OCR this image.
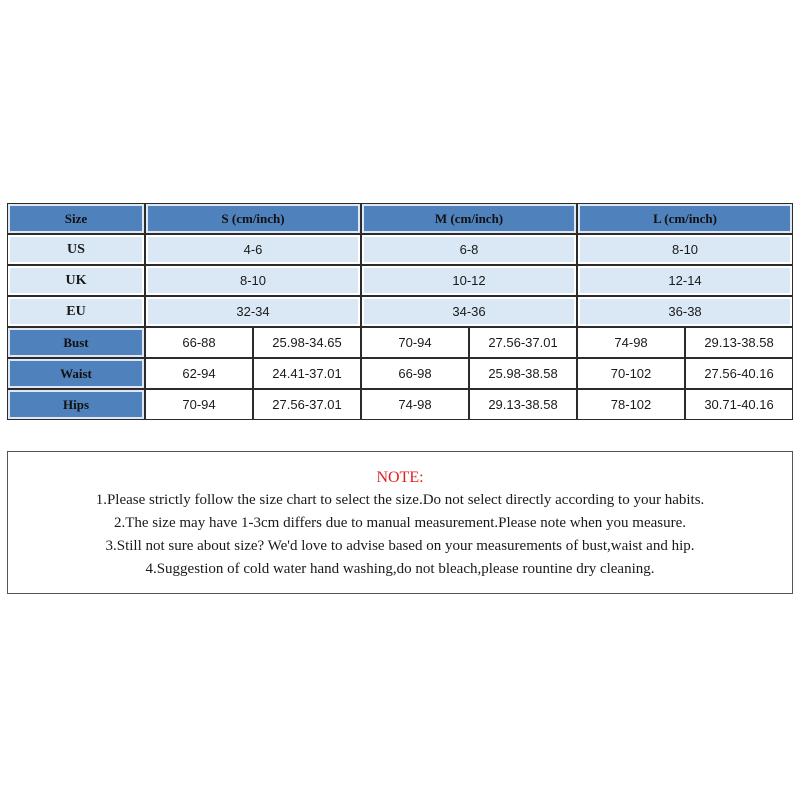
Size	S (cm/inch)		M (cm/inch)		L (cm/inch)	
US	4-6		6-8		8-10	
UK	8-10		10-12		12-14	
EU	32-34		34-36		36-38	
Bust	66-88	25.98-34.65	70-94	27.56-37.01	74-98	29.13-38.58
Waist	62-94	24.41-37.01	66-98	25.98-38.58	70-102	27.56-40.16
Hips	70-94	27.56-37.01	74-98	29.13-38.58	78-102	30.71-40.16
NOTE:
1.Please strictly follow the size chart to select the size.Do not select directly according to your habits.
2.The size may have 1-3cm differs due to manual measurement.Please note when you measure.
3.Still not sure about size? We'd love to advise based on your measurements of bust,waist and hip.
4.Suggestion of cold water hand washing,do not bleach,please rountine dry cleaning.
